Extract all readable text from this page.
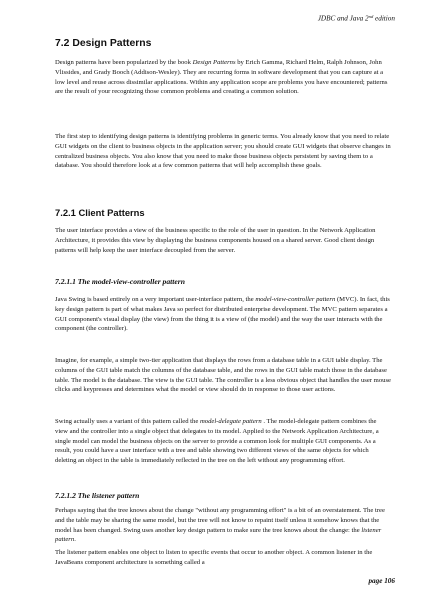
JDBC and Java 2nd edition
7.2 Design Patterns

Design patterns have been popularized by the book Design Patterns by Erich Gamma, Richard Helm, Ralph Johnson, John Vlissides, and Grady Booch (Addison-Wesley). They are recurring forms in software development that you can capture at a low level and reuse across dissimilar applications. Within any application scope are problems you have encountered; patterns are the result of your recognizing those common problems and creating a common solution.

The first step to identifying design patterns is identifying problems in generic terms. You already know that you need to relate GUI widgets on the client to business objects in the application server; you should create GUI widgets that observe changes in centralized business objects. You also know that you need to make those business objects persistent by saving them to a database. You should therefore look at a few common patterns that will help accomplish these goals.

7.2.1 Client Patterns

The user interface provides a view of the business specific to the role of the user in question. In the Network Application Architecture, it provides this view by displaying the business components housed on a shared server. Good client design patterns will help keep the user interface decoupled from the server.

7.2.1.1 The model-view-controller pattern

Java Swing is based entirely on a very important user-interface pattern, the model-view-controller pattern (MVC). In fact, this key design pattern is part of what makes Java so perfect for distributed enterprise development. The MVC pattern separates a GUI component's visual display (the view) from the thing it is a view of (the model) and the way the user interacts with the component (the controller).

Imagine, for example, a simple two-tier application that displays the rows from a database table in a GUI table display. The columns of the GUI table match the columns of the database table, and the rows in the GUI table match those in the database table. The model is the database. The view is the GUI table. The controller is a less obvious object that handles the user mouse clicks and keypresses and determines what the model or view should do in response to those user actions.

Swing actually uses a variant of this pattern called the model-delegate pattern . The model-delegate pattern combines the view and the controller into a single object that delegates to its model. Applied to the Network Application Architecture, a single model can model the business objects on the server to provide a common look for multiple GUI components. As a result, you could have a user interface with a tree and table showing two different views of the same objects for which deleting an object in the table is immediately reflected in the tree on the left without any programming effort.

7.2.1.2 The listener pattern

Perhaps saying that the tree knows about the change "without any programming effort" is a bit of an overstatement. The tree and the table may be sharing the same model, but the tree will not know to repaint itself unless it somehow knows that the model has been changed. Swing uses another key design pattern to make sure the tree knows about the change: the listener pattern.

The listener pattern enables one object to listen to specific events that occur to another object. A common listener in the JavaBeans component architecture is something called a

page 106
